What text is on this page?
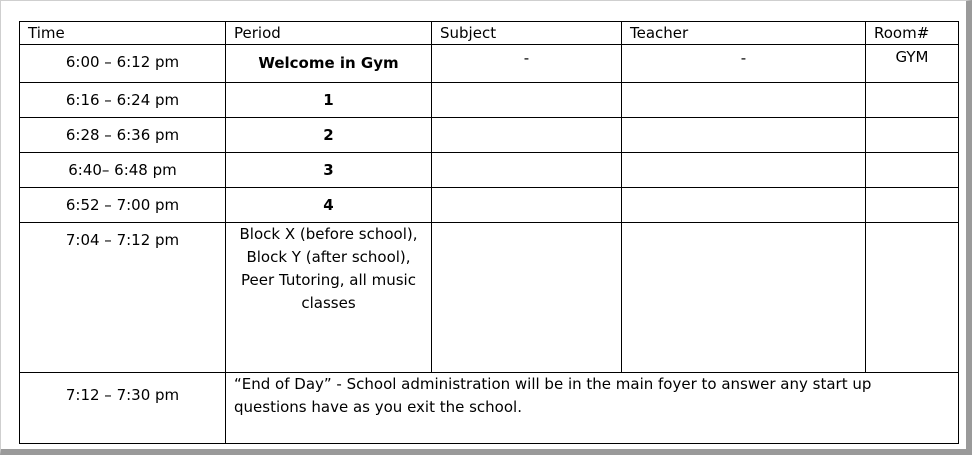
Time	Period	Subject	Teacher	Room#
6:00 – 6:12 pm	Welcome in Gym	-	-	GYM
6:16 – 6:24 pm	1			
6:28 – 6:36 pm	2			
6:40– 6:48 pm	3			
6:52 – 7:00 pm	4			
7:04 – 7:12 pm	Block X (before school),
Block Y (after school),
Peer Tutoring, all music
classes			

7:12 – 7:30 pm	“End of Day” - School administration will be in the main foyer to answer any start up
questions have as you exit the school.			
